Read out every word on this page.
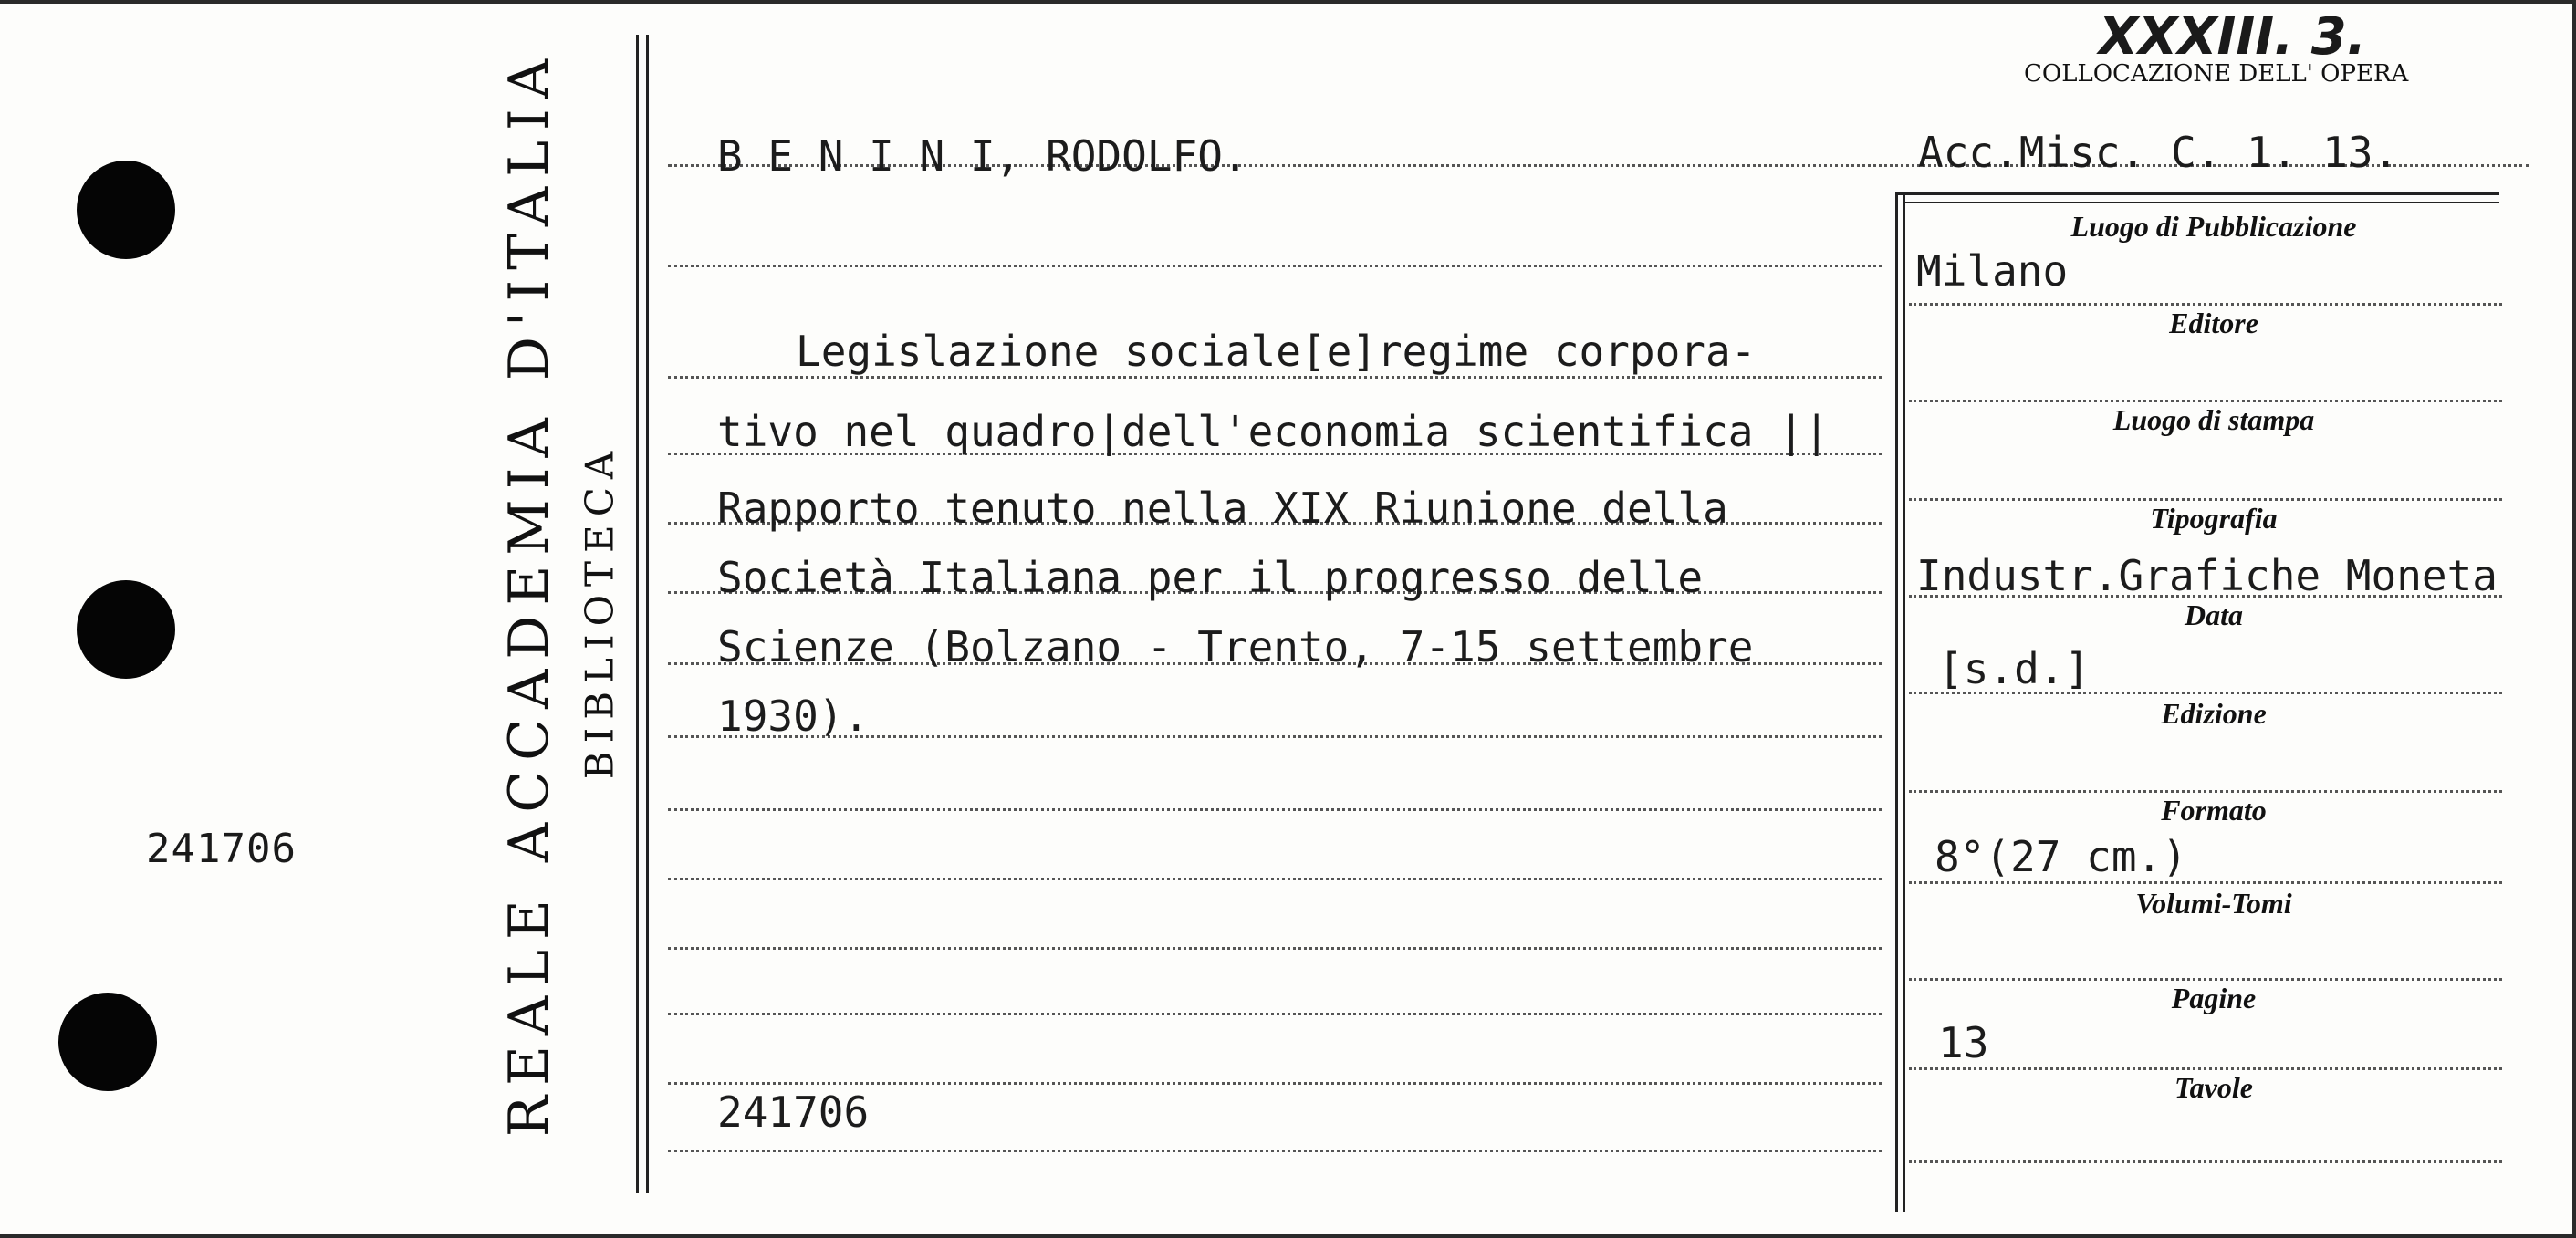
241706	REALE ACCADEMIA D'ITALIA BIBLIOTECA
XXXIII. 3.
COLLOCAZIONE DELL' OPERA
B E N I N I, RODOLFO.	Acc.Misc. C. 1. 13.
Legislazione sociale[e]regime corpora-
tivo nel quadro|dell'economia scientifica ||
Rapporto tenuto nella XIX Riunione della
Società Italiana per il progresso delle
Scienze (Bolzano - Trento, 7-15 settembre
1930).
241706
Luogo di Pubblicazione
Editore
Luogo di stampa
Tipografia
Data
Edizione
Formato
Volumi-Tomi
Pagine
Tavole
Milano
Industr.Grafiche Moneta
[s.d.]
8°(27 cm.)
13
